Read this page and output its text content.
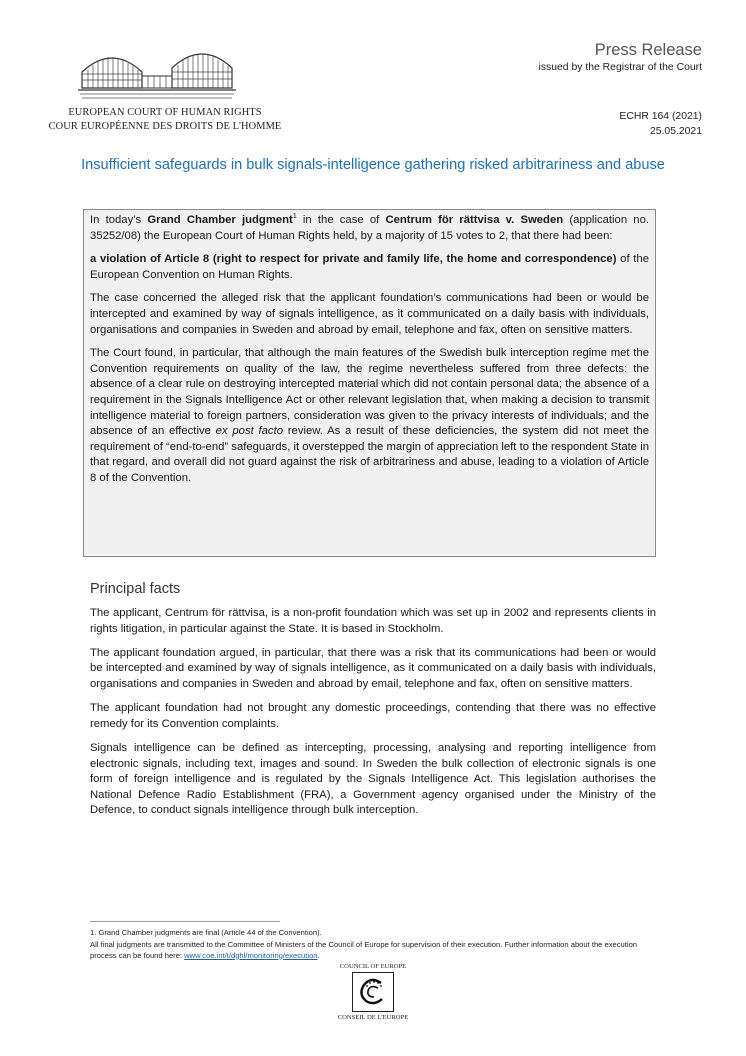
EUROPEAN COURT OF HUMAN RIGHTS
COUR EUROPÉENNE DES DROITS DE L'HOMME
Press Release
issued by the Registrar of the Court
ECHR 164 (2021)
25.05.2021
Insufficient safeguards in bulk signals-intelligence gathering risked arbitrariness and abuse

In today’s Grand Chamber judgment$^1$ in the case of Centrum för rättvisa v. Sweden (application no. 35252/08) the European Court of Human Rights held, by a majority of 15 votes to 2, that there had been:

a violation of Article 8 (right to respect for private and family life, the home and correspondence) of the European Convention on Human Rights.

The case concerned the alleged risk that the applicant foundation’s communications had been or would be intercepted and examined by way of signals intelligence, as it communicated on a daily basis with individuals, organisations and companies in Sweden and abroad by email, telephone and fax, often on sensitive matters.

The Court found, in particular, that although the main features of the Swedish bulk interception regime met the Convention requirements on quality of the law, the regime nevertheless suffered from three defects: the absence of a clear rule on destroying intercepted material which did not contain personal data; the absence of a requirement in the Signals Intelligence Act or other relevant legislation that, when making a decision to transmit intelligence material to foreign partners, consideration was given to the privacy interests of individuals; and the absence of an effective ex post facto review. As a result of these deficiencies, the system did not meet the requirement of “end-to-end” safeguards, it overstepped the margin of appreciation left to the respondent State in that regard, and overall did not guard against the risk of arbitrariness and abuse, leading to a violation of Article 8 of the Convention.

Principal facts

The applicant, Centrum för rättvisa, is a non-profit foundation which was set up in 2002 and represents clients in rights litigation, in particular against the State. It is based in Stockholm.

The applicant foundation argued, in particular, that there was a risk that its communications had been or would be intercepted and examined by way of signals intelligence, as it communicated on a daily basis with individuals, organisations and companies in Sweden and abroad by email, telephone and fax, often on sensitive matters.

The applicant foundation had not brought any domestic proceedings, contending that there was no effective remedy for its Convention complaints.

Signals intelligence can be defined as intercepting, processing, analysing and reporting intelligence from electronic signals, including text, images and sound. In Sweden the bulk collection of electronic signals is one form of foreign intelligence and is regulated by the Signals Intelligence Act. This legislation authorises the National Defence Radio Establishment (FRA), a Government agency organised under the Ministry of the Defence, to conduct signals intelligence through bulk interception.

1. Grand Chamber judgments are final (Article 44 of the Convention).
All final judgments are transmitted to the Committee of Ministers of the Council of Europe for supervision of their execution. Further information about the execution process can be found here: www.coe.int/t/dghl/monitoring/execution.
COUNCIL OF EUROPE
CONSEIL DE L'EUROPE
